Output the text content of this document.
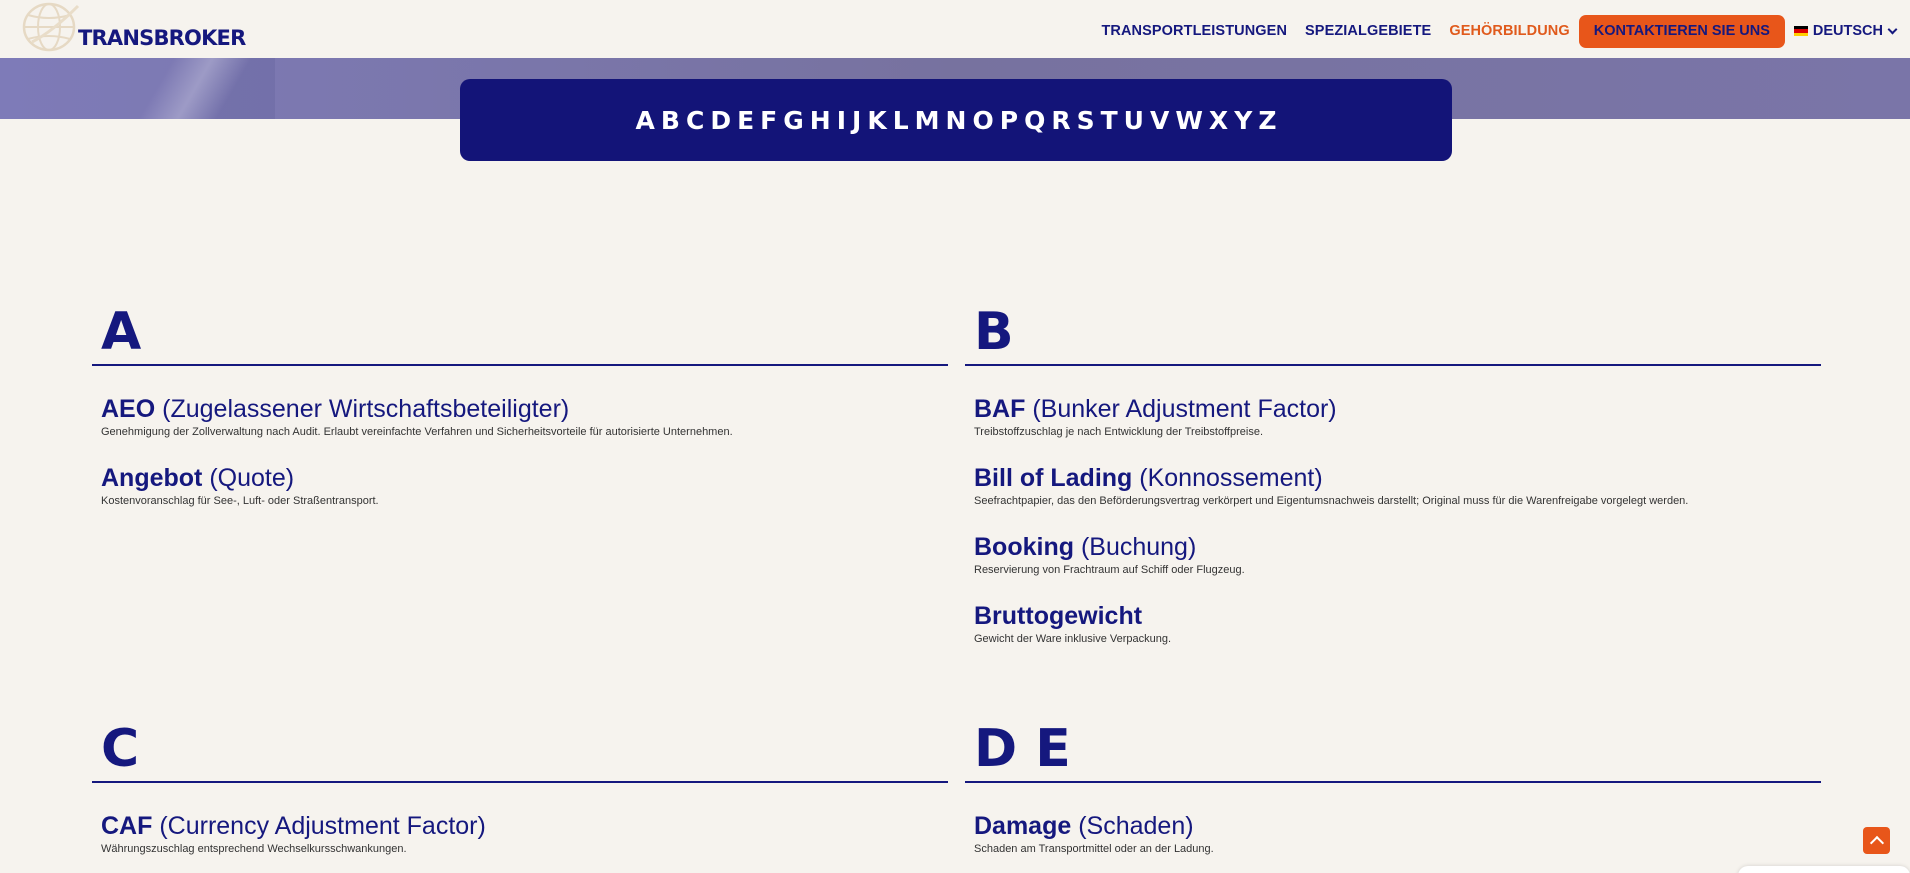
TRANSBROKER	TRANSPORTLEISTUNGEN SPEZIALGEBIETE GEHÖRBILDUNG	KONTAKTIEREN SIE UNS	DEUTSCH
A B C D E F G H I J K L M N O P Q R S T U V W X Y Z
A
AEO (Zugelassener Wirtschaftsbeteiligter)
Genehmigung der Zollverwaltung nach Audit. Erlaubt vereinfachte Verfahren und Sicherheitsvorteile für autorisierte Unternehmen.
Angebot (Quote)
Kostenvoranschlag für See-, Luft- oder Straßentransport.
B
BAF (Bunker Adjustment Factor)
Treibstoffzuschlag je nach Entwicklung der Treibstoffpreise.
Bill of Lading (Konnossement)
Seefrachtpapier, das den Beförderungsvertrag verkörpert und Eigentumsnachweis darstellt; Original muss für die Warenfreigabe vorgelegt werden.
Booking (Buchung)
Reservierung von Frachtraum auf Schiff oder Flugzeug.
Bruttogewicht
Gewicht der Ware inklusive Verpackung.
C
CAF (Currency Adjustment Factor)
Währungszuschlag entsprechend Wechselkursschwankungen.
D E
Damage (Schaden)
Schaden am Transportmittel oder an der Ladung.
